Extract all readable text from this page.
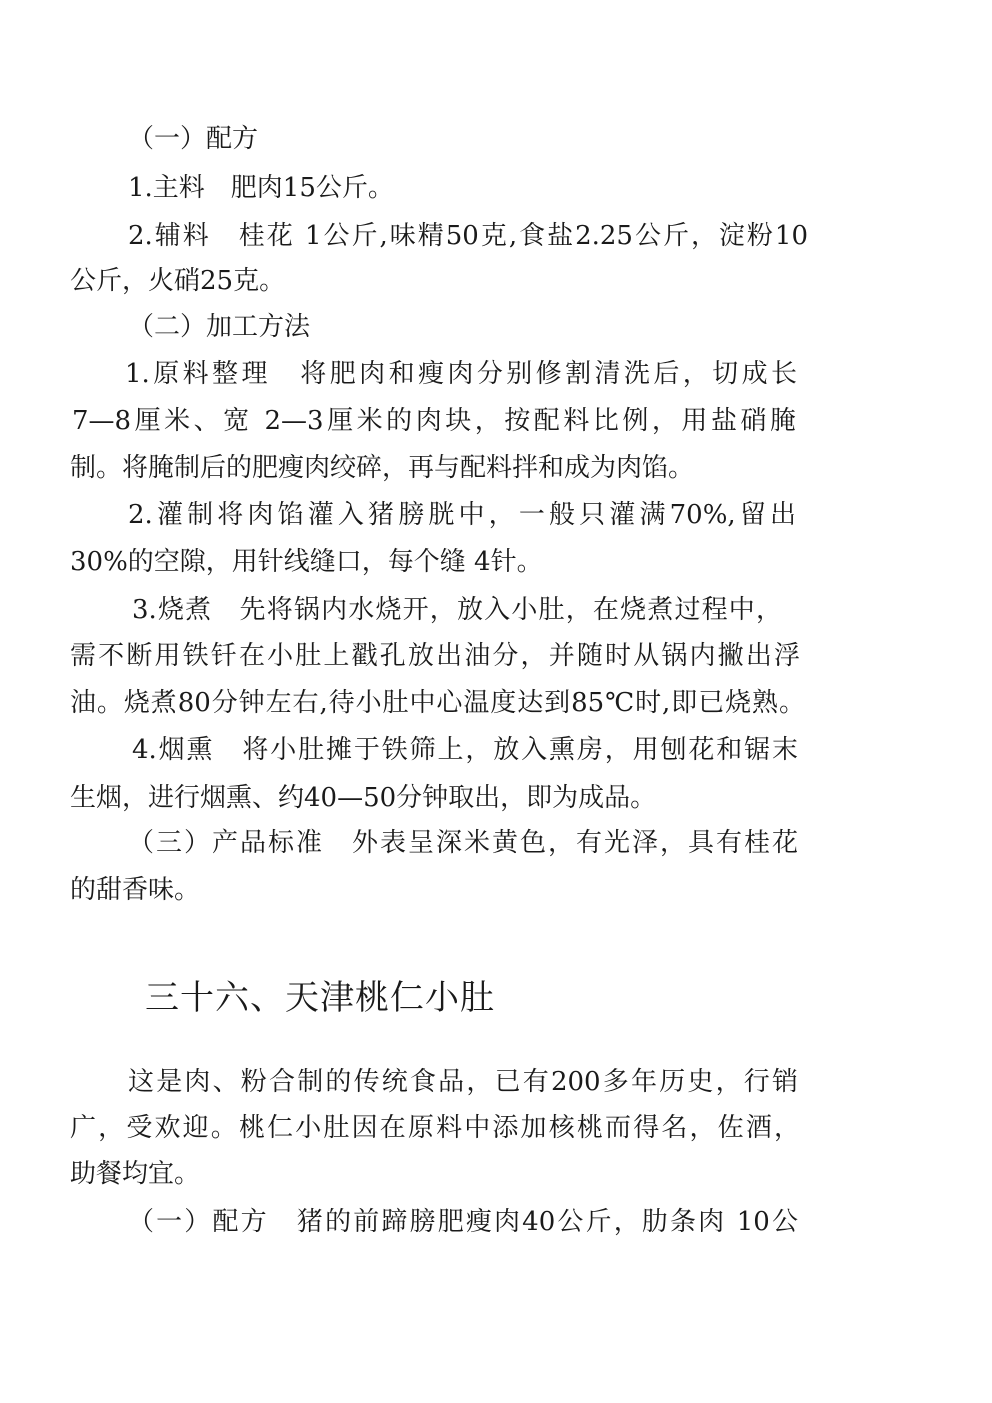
（一）配方
1.主料　肥肉15公斤。
2.辅料　桂花 1公斤,味精50克,食盐2.25公斤，淀粉10
公斤，火硝25克。
（二）加工方法
1.原料整理　将肥肉和瘦肉分别修割清洗后，切成长
7—8厘米、宽 2—3厘米的肉块，按配料比例，用盐硝腌
制。将腌制后的肥瘦肉绞碎，再与配料拌和成为肉馅。
2.灌制将肉馅灌入猪膀胱中，一般只灌满70%,留出
30%的空隙，用针线缝口，每个缝 4针。
3.烧煮　先将锅内水烧开，放入小肚，在烧煮过程中，
需不断用铁钎在小肚上戳孔放出油分，并随时从锅内撇出浮
油。烧煮80分钟左右,待小肚中心温度达到85℃时,即已烧熟。
4.烟熏　将小肚摊于铁筛上，放入熏房，用刨花和锯末
生烟，进行烟熏、约40—50分钟取出，即为成品。
（三）产品标准　外表呈深米黄色，有光泽，具有桂花
的甜香味。
三十六、天津桃仁小肚
这是肉、粉合制的传统食品，已有200多年历史，行销
广，受欢迎。桃仁小肚因在原料中添加核桃而得名，佐酒，
助餐均宜。
（一）配方　猪的前蹄膀肥瘦肉40公斤，肋条肉 10公
